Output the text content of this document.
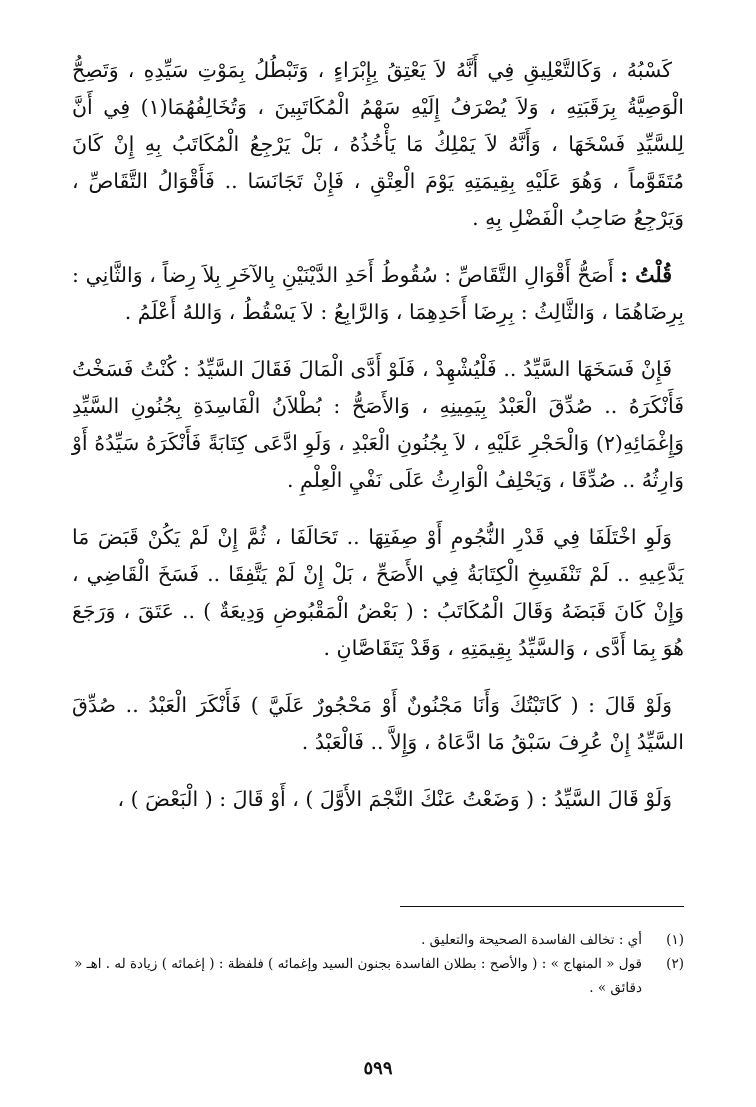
كَسْبُهُ ، وَكَالتَّعْلِيقِ فِي أَنَّهُ لاَ يَعْتِقُ بِإِبْرَاءٍ ، وَتَبْطُلُ بِمَوْتِ سَيِّدِهِ ، وَتَصِحُّ الْوَصِيَّةُ بِرَقَبَتِهِ ، وَلاَ يُصْرَفُ إِلَيْهِ سَهْمُ الْمُكَاتَبِينَ ، وَتُخَالِفُهُمَا(١) فِي أَنَّ لِلسَّيِّدِ فَسْخَهَا ، وَأَنَّهُ لاَ يَمْلِكُ مَا يَأْخُذُهُ ، بَلْ يَرْجِعُ الْمُكَاتَبُ بِهِ إِنْ كَانَ مُتَقَوَّماً ، وَهُوَ عَلَيْهِ بِقِيمَتِهِ يَوْمَ الْعِتْقِ ، فَإِنْ تَجَانَسَا .. فَأَقْوَالُ التَّقَاصِّ ، وَيَرْجِعُ صَاحِبُ الْفَضْلِ بِهِ .

قُلْتُ : أَصَحُّ أَقْوَالِ التَّقَاصِّ : سُقُوطُ أَحَدِ الدَّيْنَيْنِ بِالآخَرِ بِلاَ رِضاً ، وَالثَّانِي : بِرِضَاهُمَا ، وَالثَّالِثُ : بِرِضَا أَحَدِهِمَا ، وَالرَّابِعُ : لاَ يَسْقُطُ ، وَاللهُ أَعْلَمُ .

فَإِنْ فَسَخَهَا السَّيِّدُ .. فَلْيُشْهِدْ ، فَلَوْ أَدَّى الْمَالَ فَقَالَ السَّيِّدُ : كُنْتُ فَسَخْتُ فَأَنْكَرَهُ .. صُدِّقَ الْعَبْدُ بِيَمِينِهِ ، وَالأَصَحُّ : بُطْلاَنُ الْفَاسِدَةِ بِجُنُونِ السَّيِّدِ وَإِغْمَائِهِ(٢) وَالْحَجْرِ عَلَيْهِ ، لاَ بِجُنُونِ الْعَبْدِ ، وَلَوِ ادَّعَى كِتَابَةً فَأَنْكَرَهُ سَيِّدُهُ أَوْ وَارِثُهُ .. صُدِّقَا ، وَيَحْلِفُ الْوَارِثُ عَلَى نَفْيِ الْعِلْمِ .

وَلَوِ اخْتَلَفَا فِي قَدْرِ النُّجُومِ أَوْ صِفَتِهَا .. تَحَالَفَا ، ثُمَّ إِنْ لَمْ يَكُنْ قَبَضَ مَا يَدَّعِيهِ .. لَمْ تَنْفَسِخِ الْكِتَابَةُ فِي الأَصَحِّ ، بَلْ إِنْ لَمْ يَتَّفِقَا .. فَسَخَ الْقَاضِي ، وَإِنْ كَانَ قَبَضَهُ وَقَالَ الْمُكَاتَبُ : ( بَعْضُ الْمَقْبُوضِ وَدِيعَةٌ ) .. عَتَقَ ، وَرَجَعَ هُوَ بِمَا أَدَّى ، وَالسَّيِّدُ بِقِيمَتِهِ ، وَقَدْ يَتَقَاصَّانِ .

وَلَوْ قَالَ : ( كَاتَبْتُكَ وَأَنَا مَجْنُونٌ أَوْ مَحْجُورٌ عَلَيَّ ) فَأَنْكَرَ الْعَبْدُ .. صُدِّقَ السَّيِّدُ إِنْ عُرِفَ سَبْقُ مَا ادَّعَاهُ ، وَإِلاَّ .. فَالْعَبْدُ .

وَلَوْ قَالَ السَّيِّدُ : ( وَضَعْتُ عَنْكَ النَّجْمَ الأَوَّلَ ) ، أَوْ قَالَ : ( الْبَعْضَ ) ،

(١)
أي : تخالف الفاسدة الصحيحة والتعليق .
(٢)
قول « المنهاج » : ( والأصح : بطلان الفاسدة بجنون السيد وإغمائه ) فلفظة : ( إغمائه ) زيادة له . اهـ « دقائق » .
٥٩٩
